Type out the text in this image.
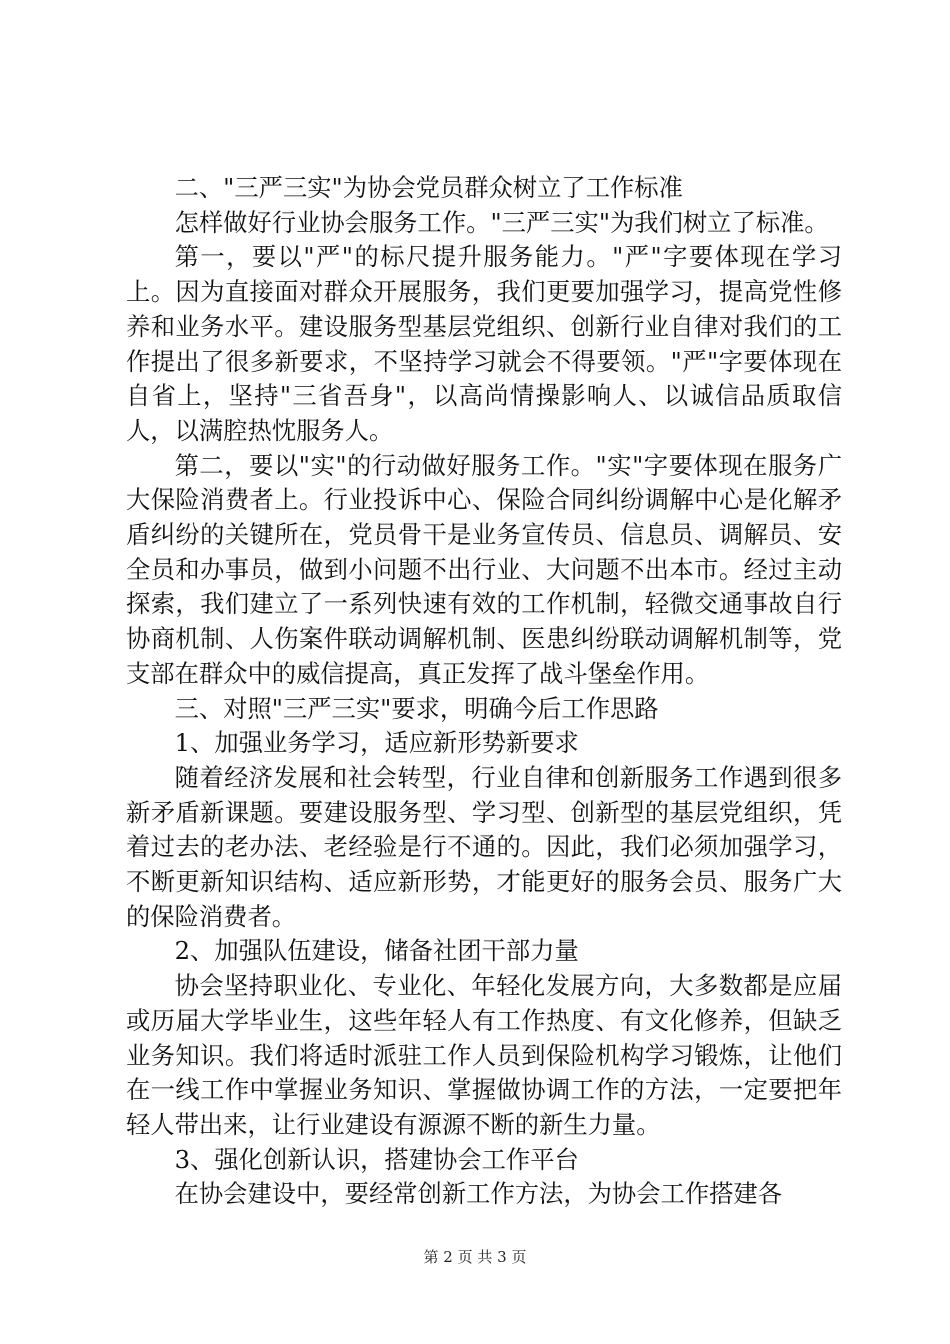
二、"三严三实"为协会党员群众树立了工作标准

怎样做好行业协会服务工作。"三严三实"为我们树立了标准。

第一，要以"严"的标尺提升服务能力。"严"字要体现在学习上。因为直接面对群众开展服务，我们更要加强学习，提高党性修养和业务水平。建设服务型基层党组织、创新行业自律对我们的工作提出了很多新要求，不坚持学习就会不得要领。"严"字要体现在自省上，坚持"三省吾身"，以高尚情操影响人、以诚信品质取信人，以满腔热忱服务人。

第二，要以"实"的行动做好服务工作。"实"字要体现在服务广大保险消费者上。行业投诉中心、保险合同纠纷调解中心是化解矛盾纠纷的关键所在，党员骨干是业务宣传员、信息员、调解员、安全员和办事员，做到小问题不出行业、大问题不出本市。经过主动探索，我们建立了一系列快速有效的工作机制，轻微交通事故自行协商机制、人伤案件联动调解机制、医患纠纷联动调解机制等，党支部在群众中的威信提高，真正发挥了战斗堡垒作用。

三、对照"三严三实"要求，明确今后工作思路

1、加强业务学习，适应新形势新要求

随着经济发展和社会转型，行业自律和创新服务工作遇到很多新矛盾新课题。要建设服务型、学习型、创新型的基层党组织，凭着过去的老办法、老经验是行不通的。因此，我们必须加强学习，不断更新知识结构、适应新形势，才能更好的服务会员、服务广大的保险消费者。

2、加强队伍建设，储备社团干部力量

协会坚持职业化、专业化、年轻化发展方向，大多数都是应届或历届大学毕业生，这些年轻人有工作热度、有文化修养，但缺乏业务知识。我们将适时派驻工作人员到保险机构学习锻炼，让他们在一线工作中掌握业务知识、掌握做协调工作的方法，一定要把年轻人带出来，让行业建设有源源不断的新生力量。

3、强化创新认识，搭建协会工作平台

在协会建设中，要经常创新工作方法，为协会工作搭建各

第 2 页 共 3 页
